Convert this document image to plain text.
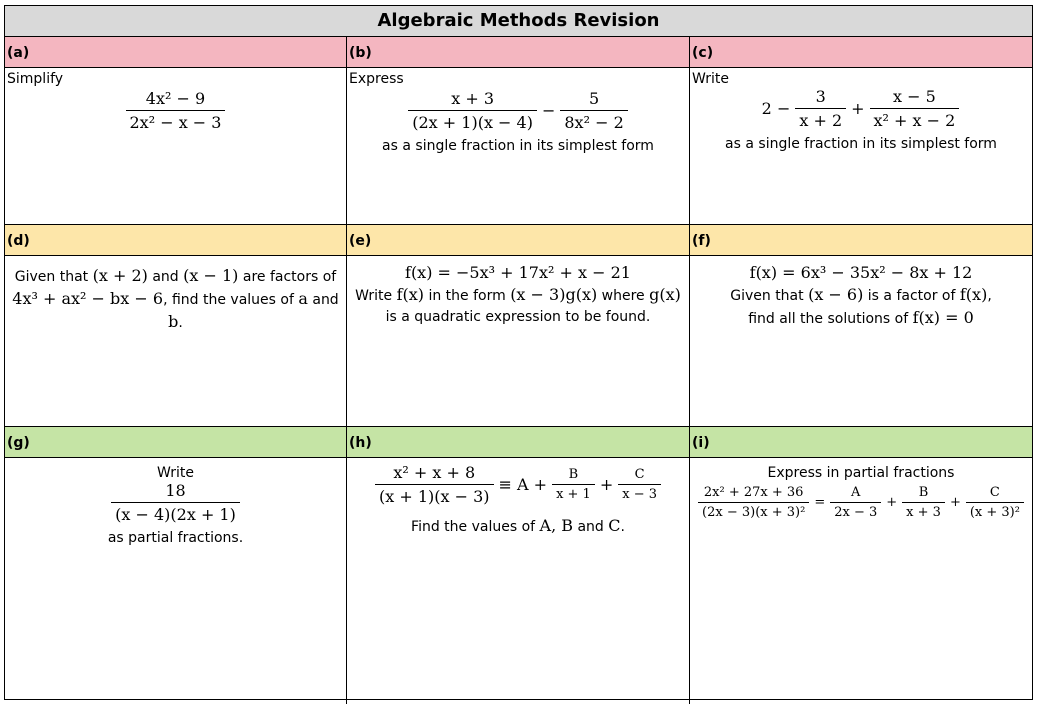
Algebraic Methods Revision
(a)	(b)	(c)
Simplify
$\frac{\text{4x² − 9}}{\text{2x² − x − 3}}$
Express
$\frac{x + 3}{(2x + 1)(x - 4)} - \frac{5}{\text{8x² − 2}}$
as a single fraction in its simplest form
Write
$2 - \frac{3}{x + 2} + \frac{x - 5}{\text{x² + x − 2}}$
as a single fraction in its simplest form
(d)	(e)	(f)
Given that (x + 2) and (x − 1) are factors of 4x³ + ax² − bx − 6, find the values of a and b.
f(x) = −5x³ + 17x² + x − 21
Write f(x) in the form (x − 3)g(x) where g(x) is a quadratic expression to be found.
f(x) = 6x³ − 35x² − 8x + 12
Given that (x − 6) is a factor of f(x),
find all the solutions of f(x) = 0
(g)	(h)	(i)
Write
$\frac{18}{(x - 4)(2x + 1)}$
as partial fractions.
$\frac{\text{x² + x + 8}}{(x + 1)(x - 3)} \equiv A + \frac{B}{x + 1} + \frac{C}{x - 3}$
Find the values of A, B and C.
Express in partial fractions
$\frac{\text{2x² + 27x + 36}}{\text{(2x − 3)(x + 3)²}} = \frac{A}{2x - 3} + \frac{B}{x + 3} + \frac{C}{\text{(x + 3)²}}$
